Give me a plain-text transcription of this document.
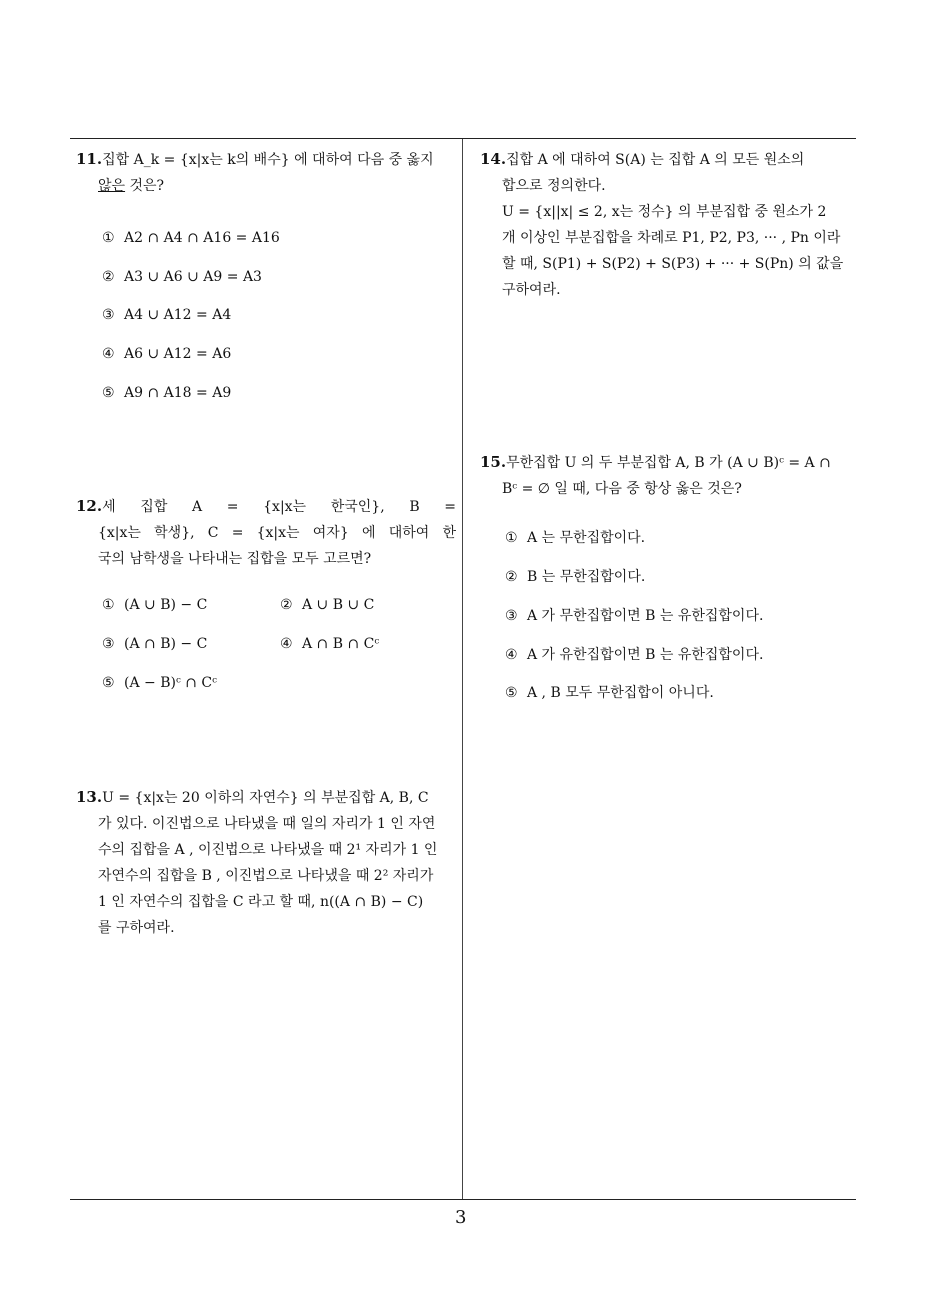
11.집합 A_k = {x|x는 k의 배수} 에 대하여 다음 중 옳지

않은 것은?

① A2 ∩ A4 ∩ A16 = A16
② A3 ∪ A6 ∪ A9 = A3
③ A4 ∪ A12 = A4
④ A6 ∪ A12 = A6
⑤ A9 ∩ A18 = A9

12.세 집합 A = {x|x는 한국인}, B =

{x|x는 학생}, C = {x|x는 여자} 에 대하여 한

국의 남학생을 나타내는 집합을 모두 고르면?

① (A ∪ B) − C	② A ∪ B ∪ C
③ (A ∩ B) − C	④ A ∩ B ∩ Cᶜ
⑤ (A − B)ᶜ ∩ Cᶜ

13.U = {x|x는 20 이하의 자연수} 의 부분집합 A, B, C

가 있다. 이진법으로 나타냈을 때 일의 자리가 1 인 자연

수의 집합을 A , 이진법으로 나타냈을 때 2¹ 자리가 1 인

자연수의 집합을 B , 이진법으로 나타냈을 때 2² 자리가

1 인 자연수의 집합을 C 라고 할 때, n((A ∩ B) − C)

를 구하여라.

14.집합 A 에 대하여 S(A) 는 집합 A 의 모든 원소의

합으로 정의한다.

U = {x||x| ≤ 2, x는 정수} 의 부분집합 중 원소가 2

개 이상인 부분집합을 차례로 P1, P2, P3, ··· , Pn 이라

할 때, S(P1) + S(P2) + S(P3) + ··· + S(Pn) 의 값을

구하여라.

15.무한집합 U 의 두 부분집합 A, B 가 (A ∪ B)ᶜ = A ∩

Bᶜ = ∅ 일 때, 다음 중 항상 옳은 것은?

① A 는 무한집합이다.
② B 는 무한집합이다.
③ A 가 무한집합이면 B 는 유한집합이다.
④ A 가 유한집합이면 B 는 유한집합이다.
⑤ A , B 모두 무한집합이 아니다.
3
